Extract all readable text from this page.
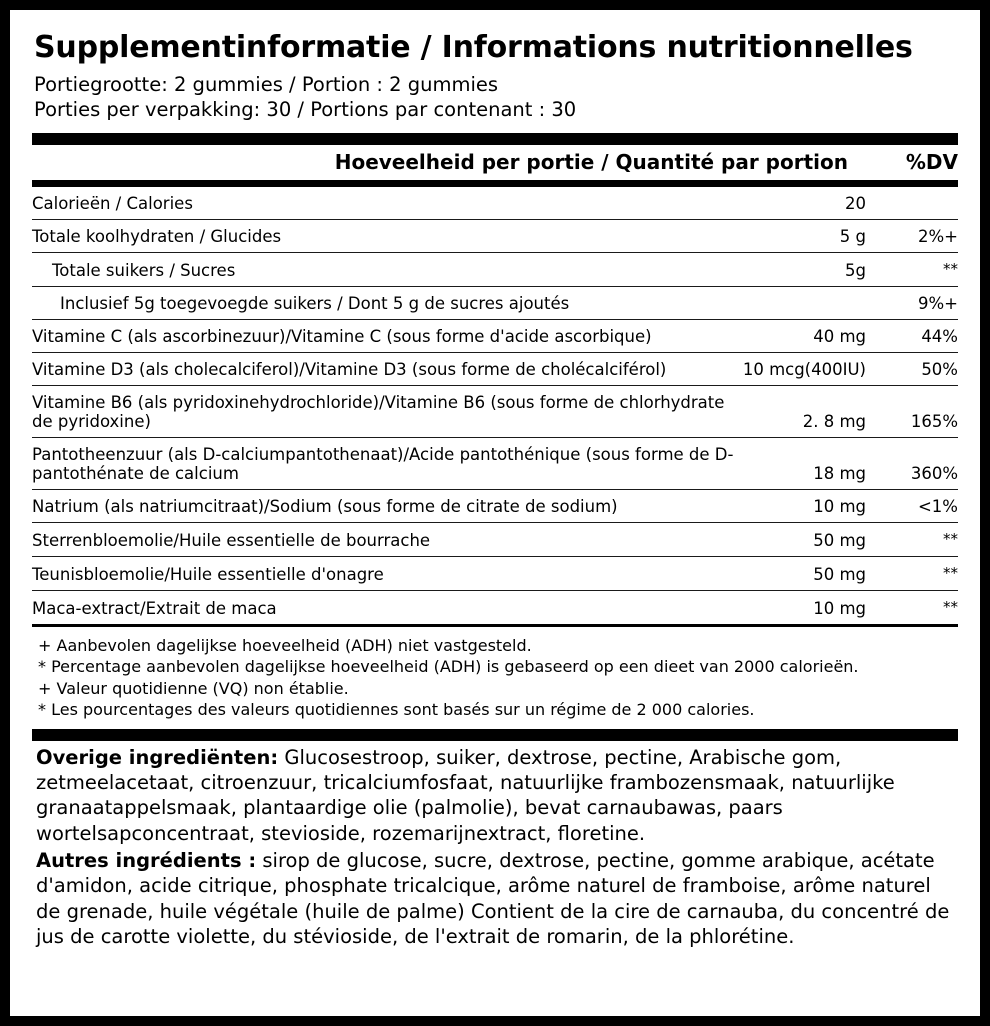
Supplementinformatie / Informations nutritionnelles
Portiegrootte: 2 gummies / Portion : 2 gummies
Porties per verpakking: 30 / Portions par contenant : 30
Hoeveelheid per portie / Quantité par portion	%DV
Calorieën / Calories	20	
Totale koolhydraten / Glucides	5 g	2%+
Totale suikers / Sucres	5g	**
Inclusief 5g toegevoegde suikers / Dont 5 g de sucres ajoutés		9%+
Vitamine C (als ascorbinezuur)/Vitamine C (sous forme d'acide ascorbique)	40 mg	44%
Vitamine D3 (als cholecalciferol)/Vitamine D3 (sous forme de cholécalciférol)	10 mcg(400IU)	50%
Vitamine B6 (als pyridoxinehydrochloride)/Vitamine B6 (sous forme de chlorhydrate de pyridoxine)	2. 8 mg	165%
Pantotheenzuur (als D-calciumpantothenaat)/Acide pantothénique (sous forme de D-pantothénate de calcium	18 mg	360%
Natrium (als natriumcitraat)/Sodium (sous forme de citrate de sodium)	10 mg	<1%
Sterrenbloemolie/Huile essentielle de bourrache	50 mg	**
Teunisbloemolie/Huile essentielle d'onagre	50 mg	**
Maca-extract/Extrait de maca	10 mg	**
+ Aanbevolen dagelijkse hoeveelheid (ADH) niet vastgesteld.
* Percentage aanbevolen dagelijkse hoeveelheid (ADH) is gebaseerd op een dieet van 2000 calorieën.
+ Valeur quotidienne (VQ) non établie.
* Les pourcentages des valeurs quotidiennes sont basés sur un régime de 2 000 calories.

Overige ingrediënten: Glucosestroop, suiker, dextrose, pectine, Arabische gom, zetmeelacetaat, citroenzuur, tricalciumfosfaat, natuurlijke frambozensmaak, natuurlijke granaatappelsmaak, plantaardige olie (palmolie), bevat carnaubawas, paars wortelsapconcentraat, stevioside, rozemarijnextract, floretine.

Autres ingrédients : sirop de glucose, sucre, dextrose, pectine, gomme arabique, acétate d'amidon, acide citrique, phosphate tricalcique, arôme naturel de framboise, arôme naturel de grenade, huile végétale (huile de palme) Contient de la cire de carnauba, du concentré de jus de carotte violette, du stévioside, de l'extrait de romarin, de la phlorétine.
